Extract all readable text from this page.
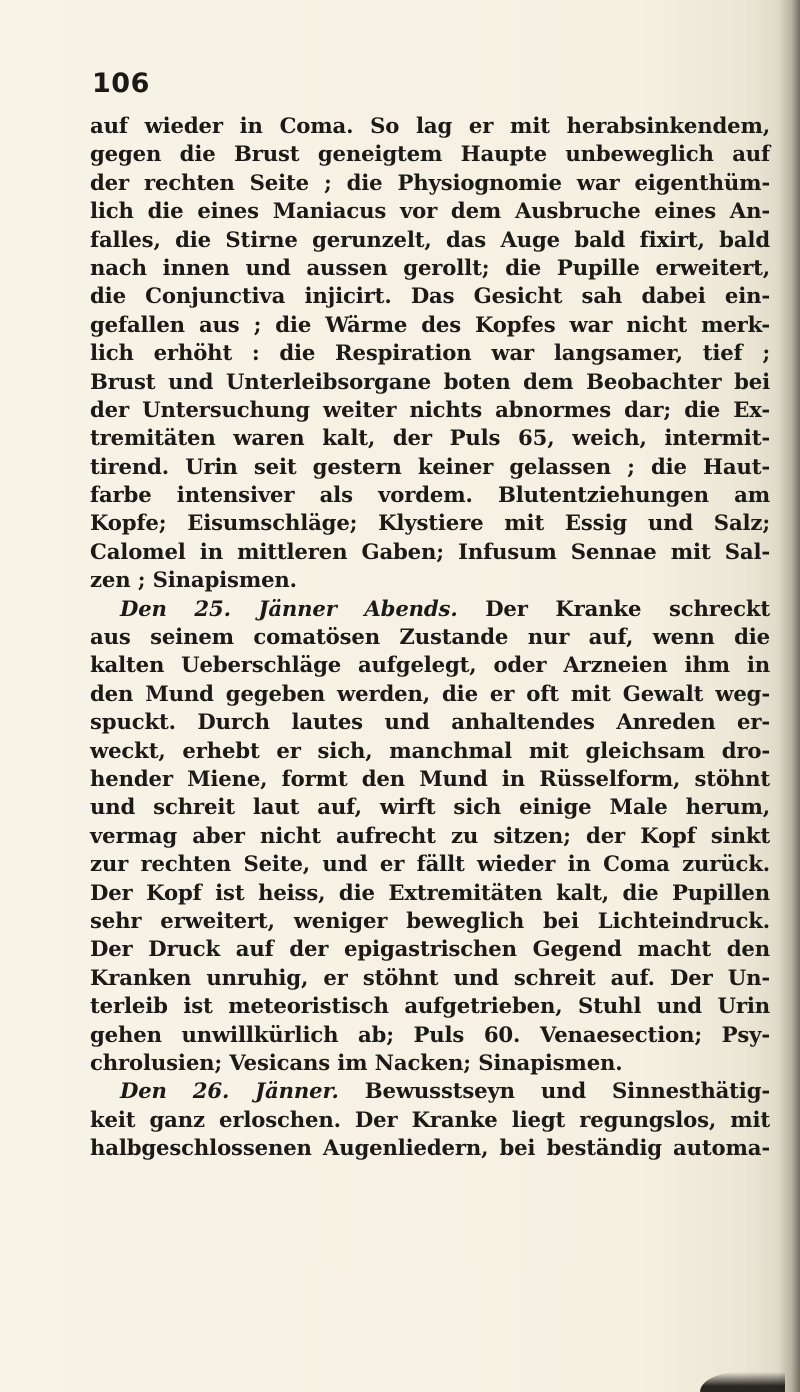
106
auf wieder in Coma. So lag er mit herabsinkendem,
gegen die Brust geneigtem Haupte unbeweglich auf
der rechten Seite ; die Physiognomie war eigenthüm-
lich die eines Maniacus vor dem Ausbruche eines An-
falles, die Stirne gerunzelt, das Auge bald fixirt, bald
nach innen und aussen gerollt; die Pupille erweitert,
die Conjunctiva injicirt. Das Gesicht sah dabei ein-
gefallen aus ; die Wärme des Kopfes war nicht merk-
lich erhöht : die Respiration war langsamer, tief ;
Brust und Unterleibsorgane boten dem Beobachter bei
der Untersuchung weiter nichts abnormes dar; die Ex-
tremitäten waren kalt, der Puls 65, weich, intermit-
tirend. Urin seit gestern keiner gelassen ; die Haut-
farbe intensiver als vordem. Blutentziehungen am
Kopfe; Eisumschläge; Klystiere mit Essig und Salz;
Calomel in mittleren Gaben; Infusum Sennae mit Sal-
zen ; Sinapismen.
Den 25. Jänner Abends. Der Kranke schreckt
aus seinem comatösen Zustande nur auf, wenn die
kalten Ueberschläge aufgelegt, oder Arzneien ihm in
den Mund gegeben werden, die er oft mit Gewalt weg-
spuckt. Durch lautes und anhaltendes Anreden er-
weckt, erhebt er sich, manchmal mit gleichsam dro-
hender Miene, formt den Mund in Rüsselform, stöhnt
und schreit laut auf, wirft sich einige Male herum,
vermag aber nicht aufrecht zu sitzen; der Kopf sinkt
zur rechten Seite, und er fällt wieder in Coma zurück.
Der Kopf ist heiss, die Extremitäten kalt, die Pupillen
sehr erweitert, weniger beweglich bei Lichteindruck.
Der Druck auf der epigastrischen Gegend macht den
Kranken unruhig, er stöhnt und schreit auf. Der Un-
terleib ist meteoristisch aufgetrieben, Stuhl und Urin
gehen unwillkürlich ab; Puls 60. Venaesection; Psy-
chrolusien; Vesicans im Nacken; Sinapismen.
Den 26. Jänner. Bewusstseyn und Sinnesthätig-
keit ganz erloschen. Der Kranke liegt regungslos, mit
halbgeschlossenen Augenliedern, bei beständig automa-
